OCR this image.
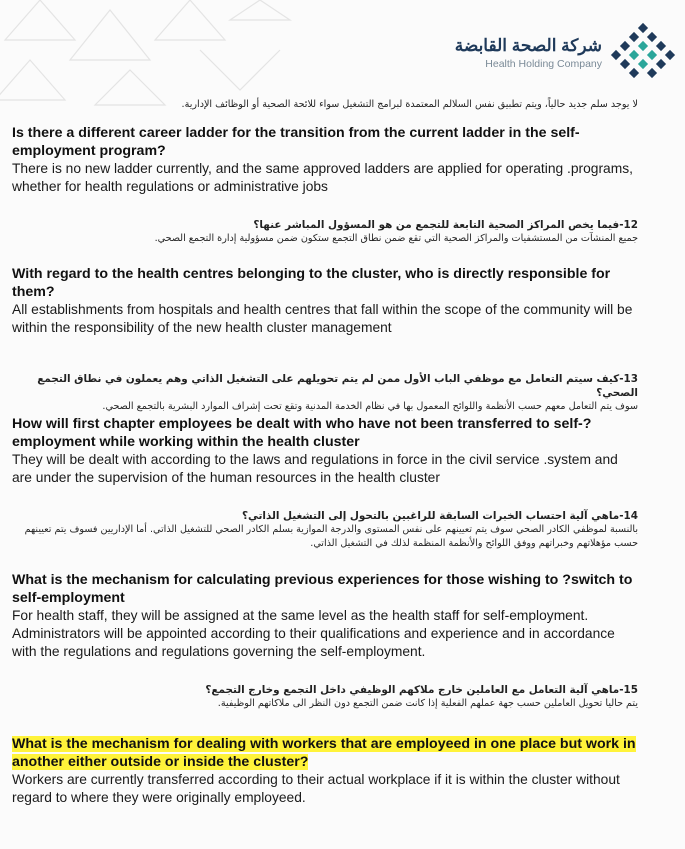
شركة الصحة القابضة
Health Holding Company
لا يوجد سلم جديد حالياً، ويتم تطبيق نفس السلالم المعتمدة لبرامج التشغيل سواء للائحة الصحية أو الوظائف الإدارية.
Is there a different career ladder for the transition from the current ladder in the self-employment program?
There is no new ladder currently, and the same approved ladders are applied for operating .programs, whether for health regulations or administrative jobs
12-فيما يخص المراكز الصحية التابعة للتجمع من هو المسؤول المباشر عنها؟
جميع المنشآت من المستشفيات والمراكز الصحية التي تقع ضمن نطاق التجمع ستكون ضمن مسؤولية إدارة التجمع الصحي.
With regard to the health centres belonging to the cluster, who is directly responsible for them?
All establishments from hospitals and health centres that fall within the scope of the community will be within the responsibility of the new health cluster management
13-كيف سيتم التعامل مع موظفي الباب الأول ممن لم يتم تحويلهم على التشغيل الذاتي وهم يعملون في نطاق التجمع الصحي؟
سوف يتم التعامل معهم حسب الأنظمة واللوائح المعمول بها في نظام الخدمة المدنية وتقع تحت إشراف الموارد البشرية بالتجمع الصحي.
How will first chapter employees be dealt with who have not been transferred to self-?employment while working within the health cluster
They will be dealt with according to the laws and regulations in force in the civil service .system and are under the supervision of the human resources in the health cluster
14-ماهي آلية احتساب الخبرات السابقة للراغبين بالتحول إلى التشغيل الذاتي؟
بالنسبة لموظفي الكادر الصحي سوف يتم تعيينهم على نفس المستوى والدرجة الموازية بسلم الكادر الصحي للتشغيل الذاتي. أما الإداريين فسوف يتم تعيينهم حسب مؤهلاتهم وخبراتهم ووفق اللوائح والأنظمة المنظمة لذلك في التشغيل الذاتي.
What is the mechanism for calculating previous experiences for those wishing to ?switch to self-employment
For health staff, they will be assigned at the same level as the health staff for self-employment. Administrators will be appointed according to their qualifications and experience and in accordance with the regulations and regulations governing the self-employment.
15-ماهي آلية التعامل مع العاملين خارج ملاكهم الوظيفي داخل التجمع وخارج التجمع؟
يتم حاليا تحويل العاملين حسب جهة عملهم الفعلية إذا كانت ضمن التجمع دون النظر الى ملاكاتهم الوظيفية.
What is the mechanism for dealing with workers that are employeed in one place but work in another either outside or inside the cluster?
Workers are currently transferred according to their actual workplace if it is within the cluster without regard to where they were originally employeed.
